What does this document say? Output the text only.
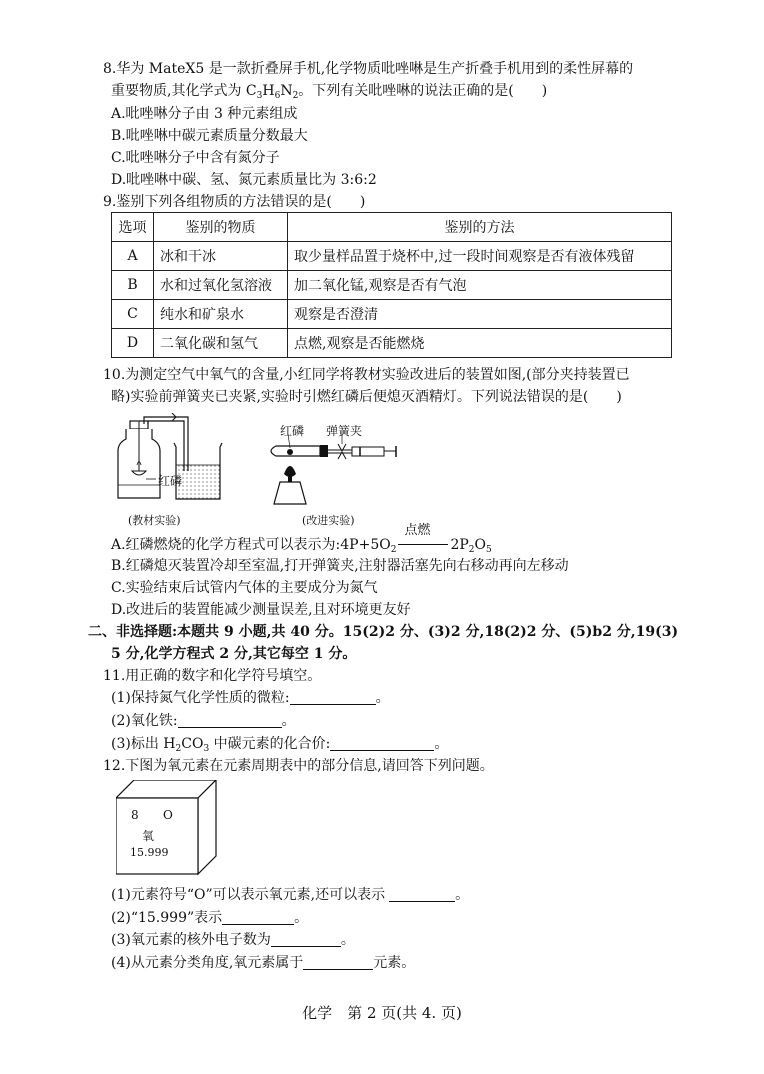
8.华为 MateX5 是一款折叠屏手机,化学物质吡唑啉是生产折叠手机用到的柔性屏幕的
重要物质,其化学式为 $C_3H_6N_2$。下列有关吡唑啉的说法正确的是(　　)
A.吡唑啉分子由 3 种元素组成
B.吡唑啉中碳元素质量分数最大
C.吡唑啉分子中含有氮分子
D.吡唑啉中碳、氢、氮元素质量比为 3:6:2
9.鉴别下列各组物质的方法错误的是(　　)
选项	鉴别的物质	鉴别的方法
A	冰和干冰	取少量样品置于烧杯中,过一段时间观察是否有液体残留
B	水和过氧化氢溶液	加二氧化锰,观察是否有气泡
C	纯水和矿泉水	观察是否澄清
D	二氧化碳和氢气	点燃,观察是否能燃烧
10.为测定空气中氧气的含量,小红同学将教材实验改进后的装置如图,(部分夹持装置已
略)实验前弹簧夹已夹紧,实验时引燃红磷后便熄灭酒精灯。下列说法错误的是(　　)
红磷
(教材实验)
红磷 弹簧夹
(改进实验)
A.红磷燃烧的化学方程式可以表示为$:4P+5O_2$
点燃
$2P_2O_5$
B.红磷熄灭装置冷却至室温,打开弹簧夹,注射器活塞先向右移动再向左移动
C.实验结束后试管内气体的主要成分为氮气
D.改进后的装置能减少测量误差,且对环境更友好
二、非选择题:本题共 9 小题,共 40 分。15(2)2 分、(3)2 分,18(2)2 分、(5)b2 分,19(3)
5 分,化学方程式 2 分,其它每空 1 分。
11.用正确的数字和化学符号填空。
(1)保持氮气化学性质的微粒:	。
(2)氧化铁:	。
(3)标出 $H_2CO_3$ 中碳元素的化合价:	。
12.下图为氧元素在元素周期表中的部分信息,请回答下列问题。
8 O
氧
15.999
(1)元素符号“O”可以表示氧元素,还可以表示	。
(2)“15.999”表示	。
(3)氧元素的核外电子数为	。
(4)从元素分类角度,氧元素属于	元素。
化学　第 2 页(共 4. 页)
